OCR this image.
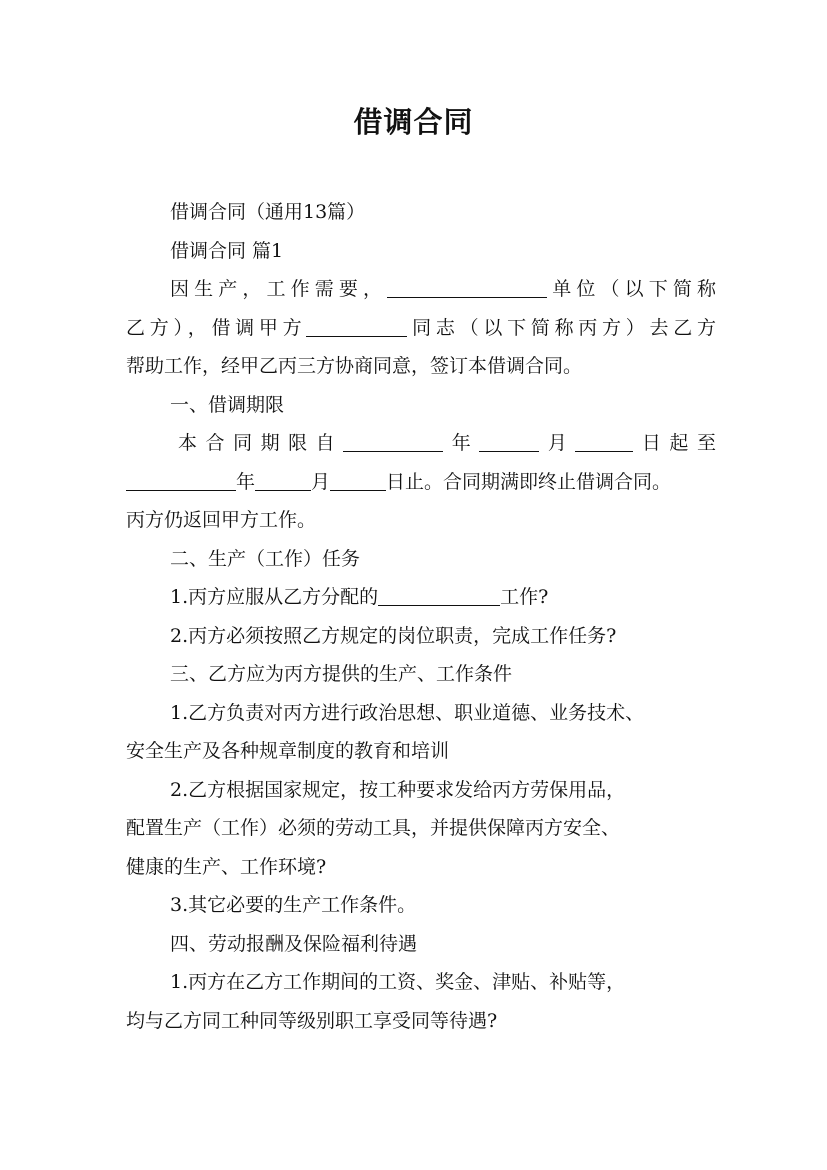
借调合同
借调合同（通用13篇）
借调合同 篇1
因生产，工作需要，	单位（以下简称
乙方），借调甲方	同志（以下简称丙方）去乙方
帮助工作，经甲乙丙三方协商同意，签订本借调合同。
一、借调期限
本合同期限自	年	月	日起至
年	月	日止。合同期满即终止借调合同。
丙方仍返回甲方工作。
二、生产（工作）任务
1.丙方应服从乙方分配的	工作?
2.丙方必须按照乙方规定的岗位职责，完成工作任务?
三、乙方应为丙方提供的生产、工作条件
1.乙方负责对丙方进行政治思想、职业道德、业务技术、
安全生产及各种规章制度的教育和培训
2.乙方根据国家规定，按工种要求发给丙方劳保用品，
配置生产（工作）必须的劳动工具，并提供保障丙方安全、
健康的生产、工作环境?
3.其它必要的生产工作条件。
四、劳动报酬及保险福利待遇
1.丙方在乙方工作期间的工资、奖金、津贴、补贴等，
均与乙方同工种同等级别职工享受同等待遇?
